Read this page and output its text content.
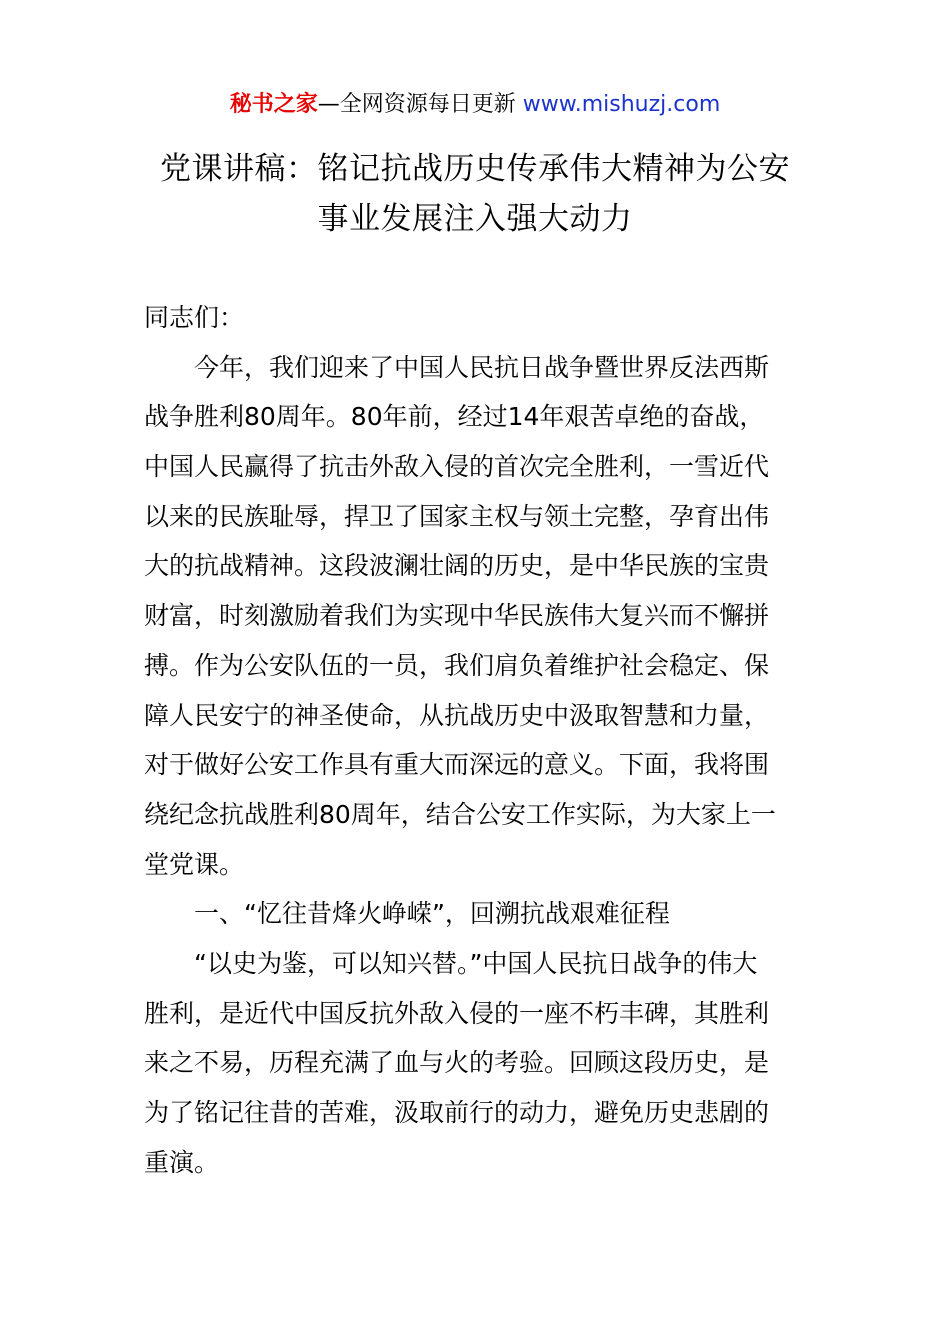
秘书之家—全网资源每日更新 www.mishuzj.com
党课讲稿：铭记抗战历史传承伟大精神为公安
事业发展注入强大动力
同志们：
今年，我们迎来了中国人民抗日战争暨世界反法西斯
战争胜利80周年。80年前，经过14年艰苦卓绝的奋战，
中国人民赢得了抗击外敌入侵的首次完全胜利，一雪近代
以来的民族耻辱，捍卫了国家主权与领土完整，孕育出伟
大的抗战精神。这段波澜壮阔的历史，是中华民族的宝贵
财富，时刻激励着我们为实现中华民族伟大复兴而不懈拼
搏。作为公安队伍的一员，我们肩负着维护社会稳定、保
障人民安宁的神圣使命，从抗战历史中汲取智慧和力量，
对于做好公安工作具有重大而深远的意义。下面，我将围
绕纪念抗战胜利80周年，结合公安工作实际，为大家上一
堂党课。
一、“忆往昔烽火峥嵘”，回溯抗战艰难征程
“以史为鉴，可以知兴替。”中国人民抗日战争的伟大
胜利，是近代中国反抗外敌入侵的一座不朽丰碑，其胜利
来之不易，历程充满了血与火的考验。回顾这段历史，是
为了铭记往昔的苦难，汲取前行的动力，避免历史悲剧的
重演。
